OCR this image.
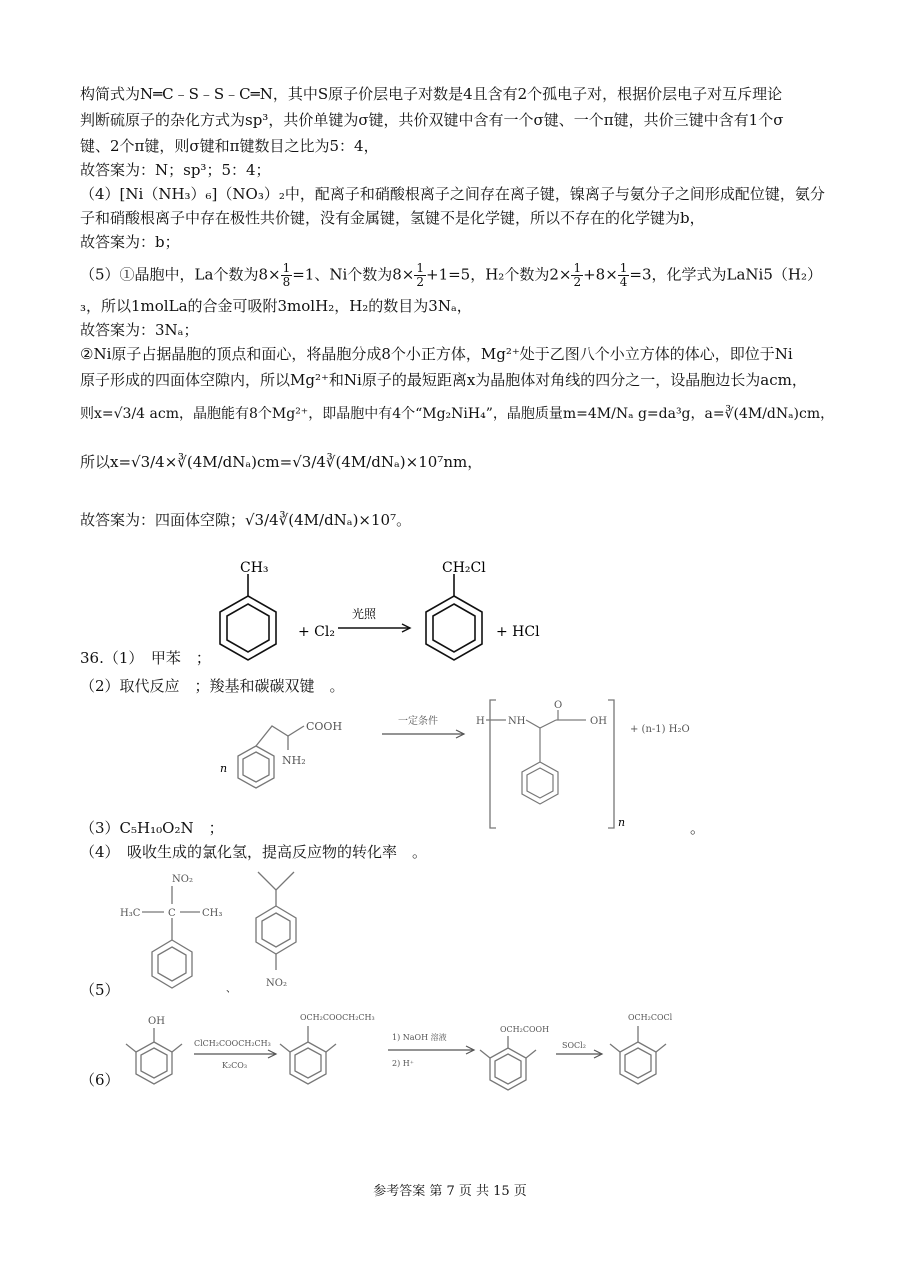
构简式为N═C﹣S﹣S﹣C═N，其中S原子价层电子对数是4且含有2个孤电子对，根据价层电子对互斥理论
判断硫原子的杂化方式为sp³，共价单键为σ键，共价双键中含有一个σ键、一个π键，共价三键中含有1个σ
键、2个π键，则σ键和π键数目之比为5：4，
故答案为：N；sp³；5：4；
（4）[Ni（NH₃）₆]（NO₃）₂中，配离子和硝酸根离子之间存在离子键，镍离子与氨分子之间形成配位键，氨分
子和硝酸根离子中存在极性共价键，没有金属键，氢键不是化学键，所以不存在的化学键为b，
故答案为：b；
（5）①晶胞中，La个数为$8\times \frac{1}{8} =1$、Ni个数为$8\times \frac{1}{2} +1=5$，H₂个数为$2\times \frac{1}{2} +8\times \frac{1}{4} =3$，化学式为LaNi5（H₂）
₃，所以1molLa的合金可吸附3molH₂，H₂的数目为3Nₐ，
故答案为：3Nₐ；
②Ni原子占据晶胞的顶点和面心，将晶胞分成8个小正方体，Mg²⁺处于乙图八个小立方体的体心，即位于Ni
原子形成的四面体空隙内，所以Mg²⁺和Ni原子的最短距离x为晶胞体对角线的四分之一，设晶胞边长为acm，
则x=√3/4 acm，晶胞能有8个Mg²⁺，即晶胞中有4个“Mg₂NiH₄”，晶胞质量m=4M/Nₐ g=da³g，a=∛(4M/dNₐ)cm，
所以x=√3/4×∛(4M/dNₐ)cm=√3/4∛(4M/dNₐ)×10⁷nm，
故答案为：四面体空隙；√3/4∛(4M/dNₐ)×10⁷。
CH₃
+ Cl₂
光照
CH₂Cl
+ HCl
36.（1）　甲苯　；
（2）取代反应　；羧基和碳碳双键　。
n
COOH
NH₂
一定条件	H NH
O
OH
n
+ (n-1) H₂O
（3）C₅H₁₀O₂N　；	。
（4）　吸收生成的氯化氢，提高反应物的转化率　。
NO₂
H₃C	C	CH₃
NO₂
（5）	、
OH
ClCH₂COOCH₂CH₃
K₂CO₃
OCH₂COOCH₂CH₃
1) NaOH 溶液
2) H⁺
OCH₂COOH
SOCl₂
OCH₂COCl
（6）
参考答案 第 7 页 共 15 页
